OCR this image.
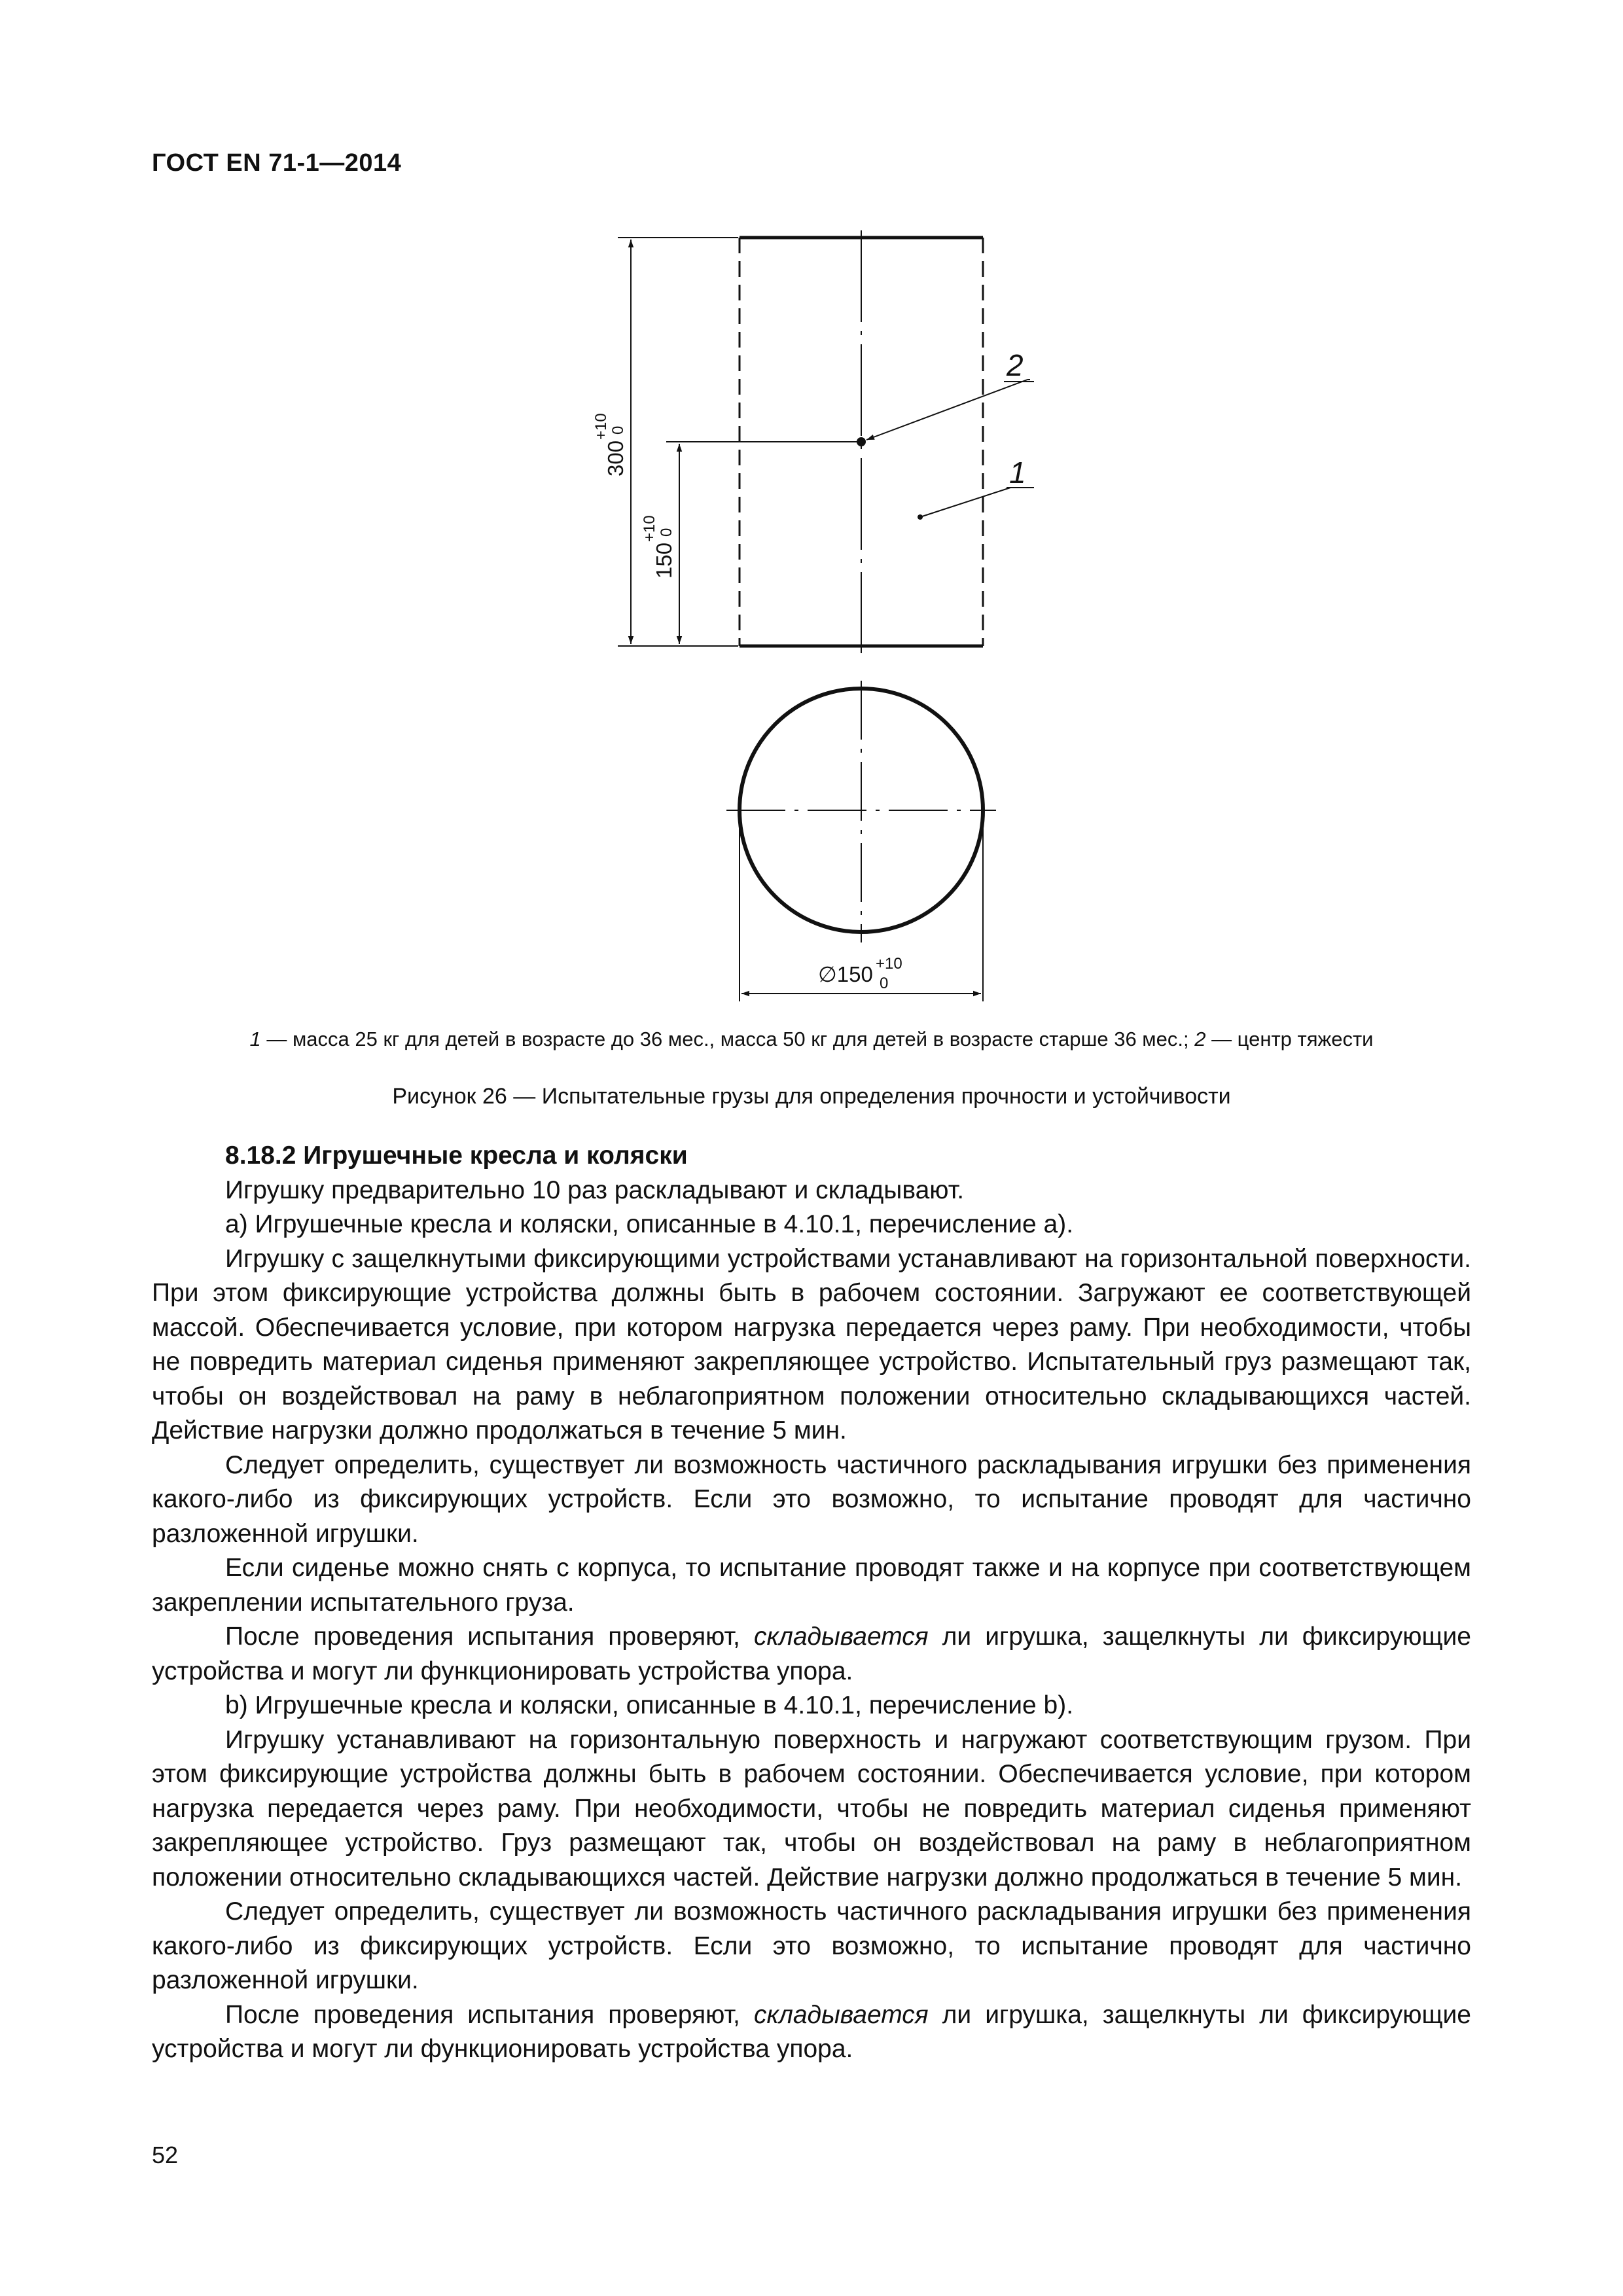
ГОСТ EN 71-1—2014
300
+10 0
150
+10 0
2
1
∅150 +10
0
1 — масса 25 кг для детей в возрасте до 36 мес., масса 50 кг для детей в возрасте старше 36 мес.; 2 — центр тяжести
Рисунок 26 — Испытательные грузы для определения прочности и устойчивости
8.18.2 Игрушечные кресла и коляски

Игрушку предварительно 10 раз раскладывают и складывают.

а) Игрушечные кресла и коляски, описанные в 4.10.1, перечисление а).

Игрушку с защелкнутыми фиксирующими устройствами устанавливают на горизонтальной поверхности. При этом фиксирующие устройства должны быть в рабочем состоянии. Загружают ее соответствующей массой. Обеспечивается условие, при котором нагрузка передается через раму. При необходимости, чтобы не повредить материал сиденья применяют закрепляющее устройство. Испытательный груз размещают так, чтобы он воздействовал на раму в неблагоприятном положении относительно складывающихся частей. Действие нагрузки должно продолжаться в течение 5 мин.

Следует определить, существует ли возможность частичного раскладывания игрушки без применения какого-либо из фиксирующих устройств. Если это возможно, то испытание проводят для частично разложенной игрушки.

Если сиденье можно снять с корпуса, то испытание проводят также и на корпусе при соответствующем закреплении испытательного груза.

После проведения испытания проверяют, складывается ли игрушка, защелкнуты ли фиксирующие устройства и могут ли функционировать устройства упора.

b) Игрушечные кресла и коляски, описанные в 4.10.1, перечисление b).

Игрушку устанавливают на горизонтальную поверхность и нагружают соответствующим грузом. При этом фиксирующие устройства должны быть в рабочем состоянии. Обеспечивается условие, при котором нагрузка передается через раму. При необходимости, чтобы не повредить материал сиденья применяют закрепляющее устройство. Груз размещают так, чтобы он воздействовал на раму в неблагоприятном положении относительно складывающихся частей. Действие нагрузки должно продолжаться в течение 5 мин.

Следует определить, существует ли возможность частичного раскладывания игрушки без применения какого-либо из фиксирующих устройств. Если это возможно, то испытание проводят для частично разложенной игрушки.

После проведения испытания проверяют, складывается ли игрушка, защелкнуты ли фиксирующие устройства и могут ли функционировать устройства упора.

52
